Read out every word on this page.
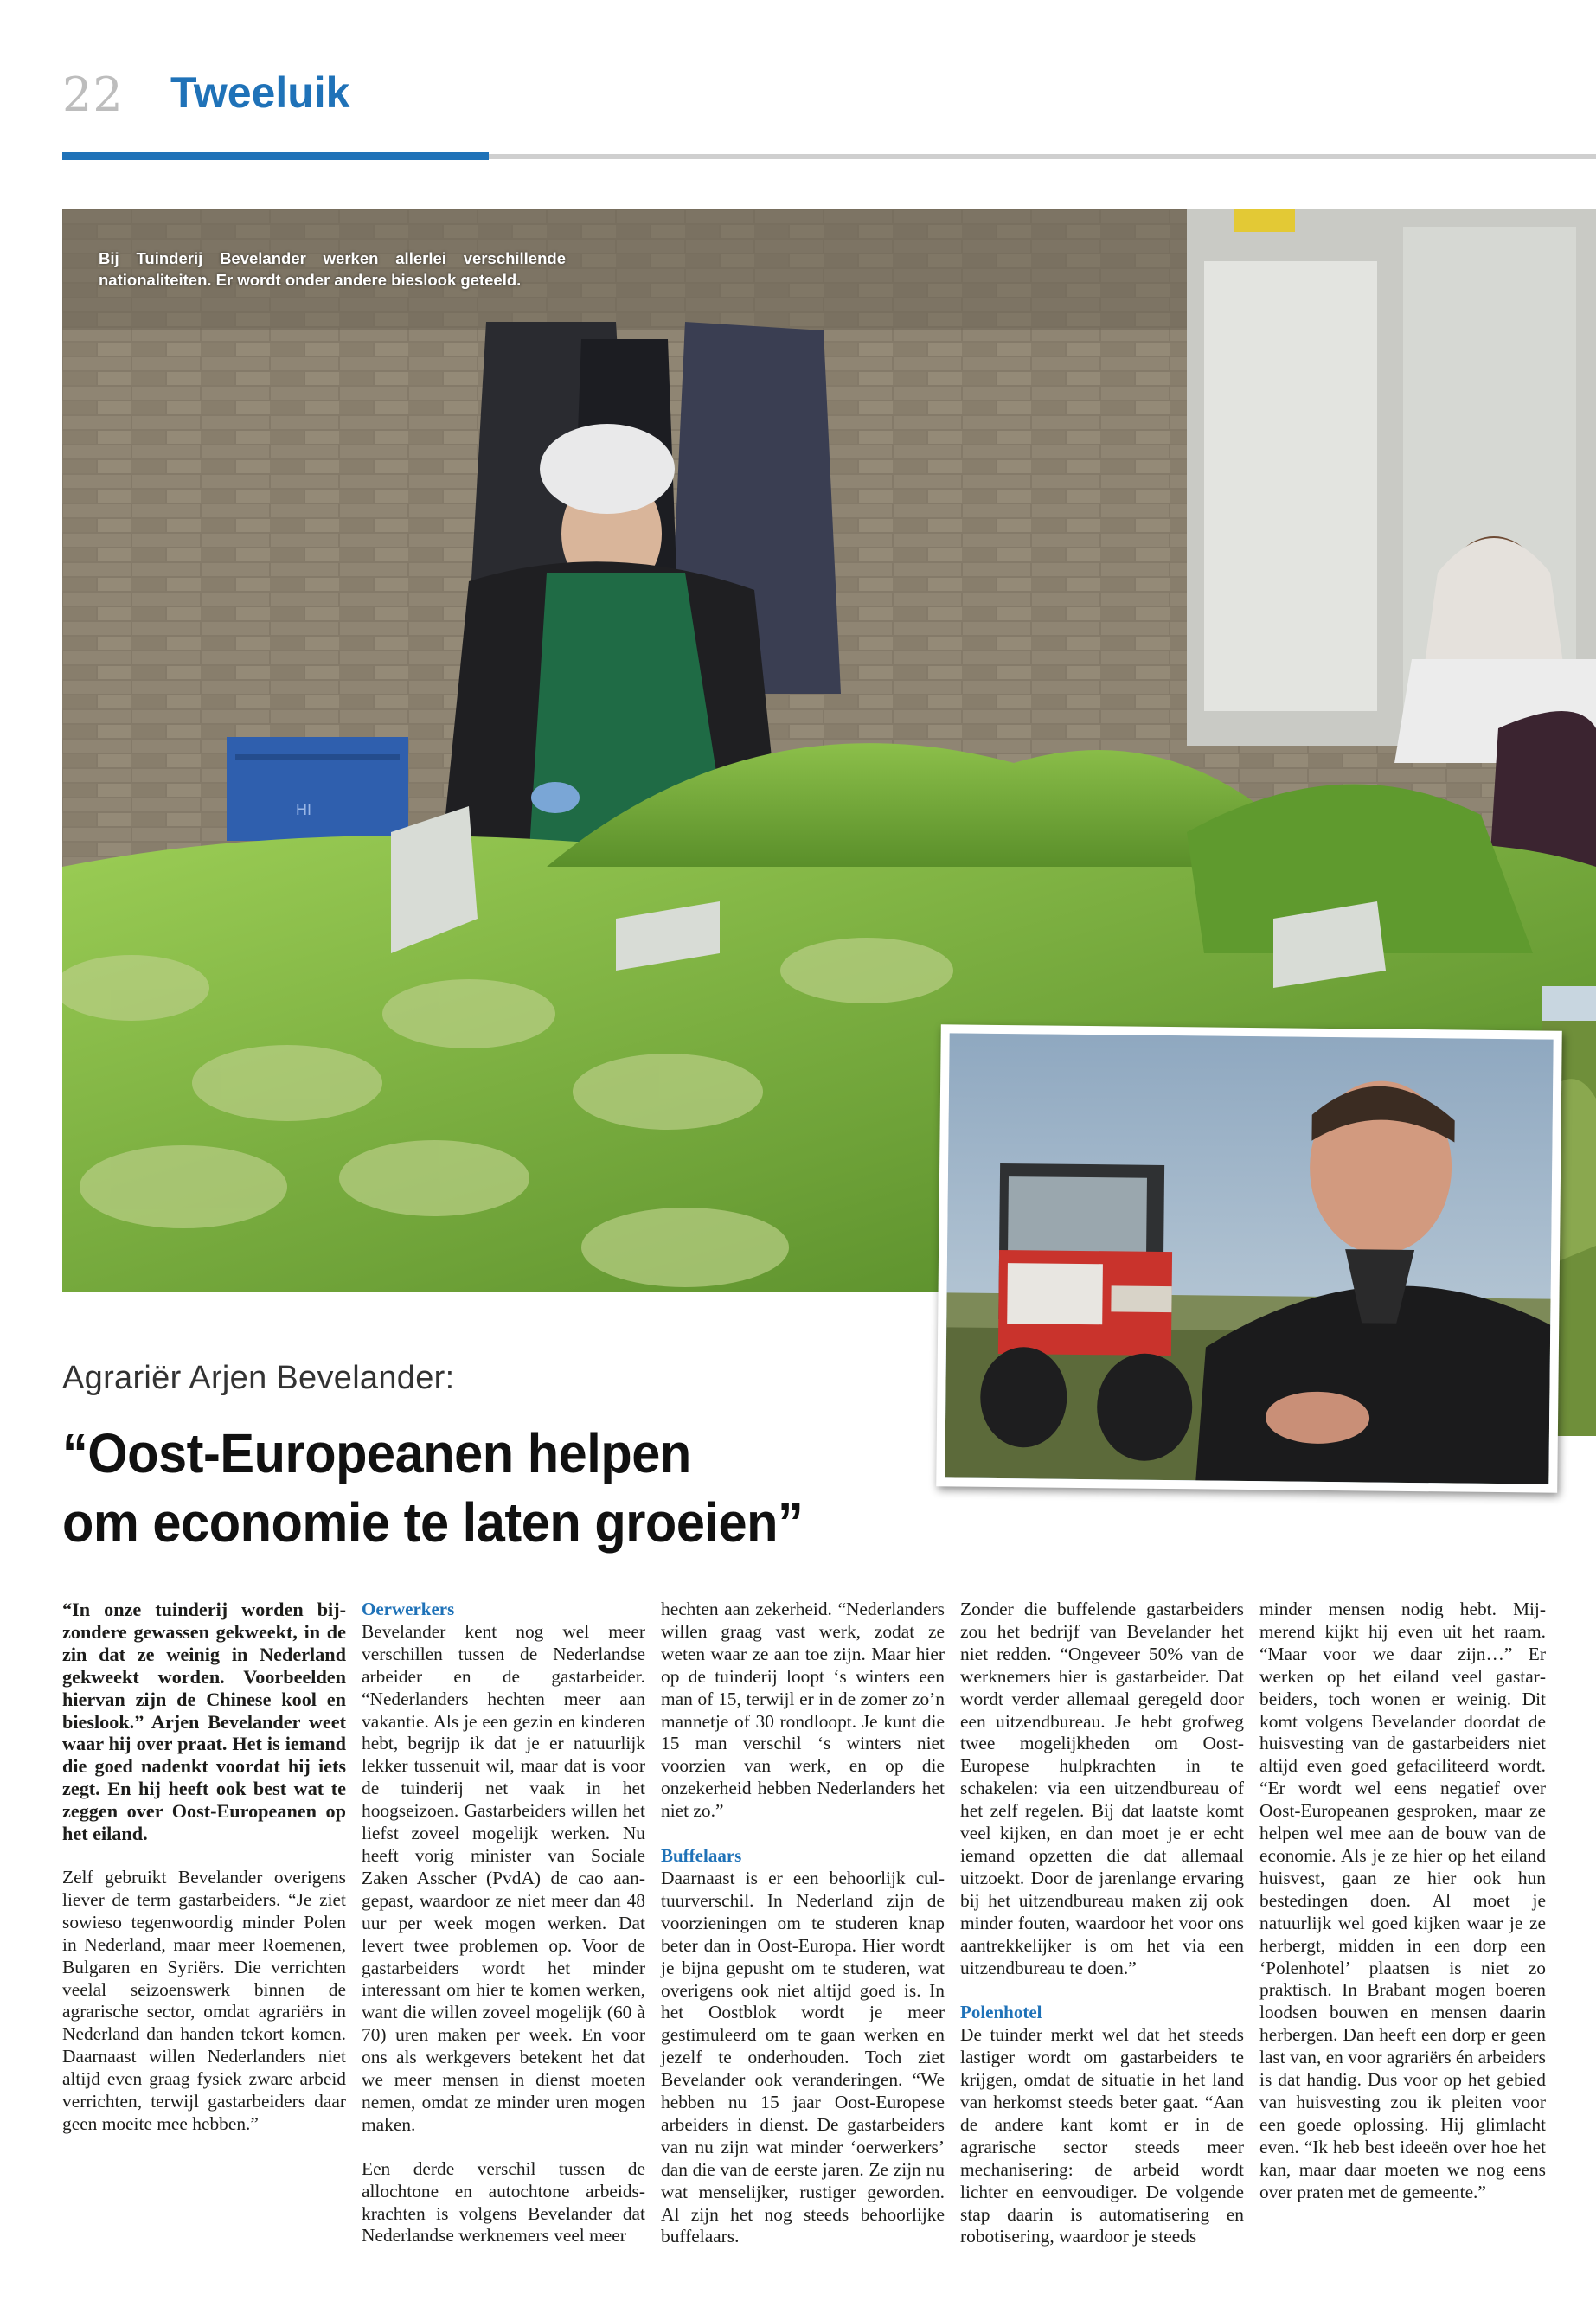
22 Tweeluik
HI
Bij Tuinderij Bevelander werken allerlei verschillende nationaliteiten. Er wordt onder andere bieslook geteeld.
Agrariër Arjen Bevelander:
“Oost-Europeanen helpen
om economie te laten groeien”

“In onze tuinderij worden bijzondere gewassen gekweekt, in de zin dat ze weinig in Nederland gekweekt worden. Voorbeelden hiervan zijn de Chinese kool en bieslook.” Arjen Bevelander weet waar hij over praat. Het is iemand die goed nadenkt voordat hij iets zegt. En hij heeft ook best wat te zeggen over Oost-Europeanen op het eiland.

Zelf gebruikt Bevelander overigens liever de term gastarbeiders. “Je ziet sowieso tegenwoordig minder Polen in Nederland, maar meer Roemenen, Bulgaren en Syriërs. Die verrichten veelal seizoenswerk binnen de agrarische sector, omdat agrariërs in Nederland dan handen tekort komen. Daarnaast willen Nederlanders niet altijd even graag fysiek zware arbeid verrichten, terwijl gastarbeiders daar geen moeite mee hebben.”

Oerwerkers

Bevelander kent nog wel meer verschillen tussen de Nederlandse arbeider en de gastarbeider. “Nederlanders hechten meer aan vakantie. Als je een gezin en kinderen hebt, begrijp ik dat je er natuurlijk lekker tussenuit wil, maar dat is voor de tuinderij net vaak in het hoogseizoen. Gastarbeiders willen het liefst zoveel mogelijk werken. Nu heeft vorig minister van Sociale Zaken Asscher (PvdA) de cao aangepast, waardoor ze niet meer dan 48 uur per week mogen werken. Dat levert twee problemen op. Voor de gastarbeiders wordt het minder interessant om hier te komen werken, want die willen zoveel mogelijk (60 à 70) uren maken per week. En voor ons als werkgevers betekent het dat we meer mensen in dienst moeten nemen, omdat ze minder uren mogen maken.

Een derde verschil tussen de allochtone en autochtone arbeidskrachten is volgens Bevelander dat Nederlandse werknemers veel meer

hechten aan zekerheid. “Nederlanders willen graag vast werk, zodat ze weten waar ze aan toe zijn. Maar hier op de tuinderij loopt ‘s winters een man of 15, terwijl er in de zomer zo’n mannetje of 30 rondloopt. Je kunt die 15 man verschil ‘s winters niet voorzien van werk, en op die onzekerheid hebben Nederlanders het niet zo.”

Buffelaars

Daarnaast is er een behoorlijk cultuurverschil. In Nederland zijn de voorzieningen om te studeren knap beter dan in Oost-Europa. Hier wordt je bijna gepusht om te studeren, wat overigens ook niet altijd goed is. In het Oostblok wordt je meer gestimuleerd om te gaan werken en jezelf te onderhouden. Toch ziet Bevelander ook veranderingen. “We hebben nu 15 jaar Oost-Europese arbeiders in dienst. De gastarbeiders van nu zijn wat minder ‘oerwerkers’ dan die van de eerste jaren. Ze zijn nu wat menselijker, rustiger geworden. Al zijn het nog steeds behoorlijke buffelaars.

Zonder die buffelende gastarbeiders zou het bedrijf van Bevelander het niet redden. “Ongeveer 50% van de werknemers hier is gastarbeider. Dat wordt verder allemaal geregeld door een uitzendbureau. Je hebt grofweg twee mogelijkheden om Oost-Europese hulpkrachten in te schakelen: via een uitzendbureau of het zelf regelen. Bij dat laatste komt veel kijken, en dan moet je er echt iemand opzetten die dat allemaal uitzoekt. Door de jarenlange ervaring bij het uitzendbureau maken zij ook minder fouten, waardoor het voor ons aantrekkelijker is om het via een uitzendbureau te doen.”

Polenhotel

De tuinder merkt wel dat het steeds lastiger wordt om gastarbeiders te krijgen, omdat de situatie in het land van herkomst steeds beter gaat. “Aan de andere kant komt er in de agrarische sector steeds meer mechanisering: de arbeid wordt lichter en eenvoudiger. De volgende stap daarin is automatisering en robotisering, waardoor je steeds

minder mensen nodig hebt. Mijmerend kijkt hij even uit het raam. “Maar voor we daar zijn…” Er werken op het eiland veel gastarbeiders, toch wonen er weinig. Dit komt volgens Bevelander doordat de huisvesting van de gastarbeiders niet altijd even goed gefaciliteerd wordt. “Er wordt wel eens negatief over Oost-Europeanen gesproken, maar ze helpen wel mee aan de bouw van de economie. Als je ze hier op het eiland huisvest, gaan ze hier ook hun bestedingen doen. Al moet je natuurlijk wel goed kijken waar je ze herbergt, midden in een dorp een ‘Polenhotel’ plaatsen is niet zo praktisch. In Brabant mogen boeren loodsen bouwen en mensen daarin herbergen. Dan heeft een dorp er geen last van, en voor agrariërs én arbeiders is dat handig. Dus voor op het gebied van huisvesting zou ik pleiten voor een goede oplossing. Hij glimlacht even. “Ik heb best ideeën over hoe het kan, maar daar moeten we nog eens over praten met de gemeente.”
